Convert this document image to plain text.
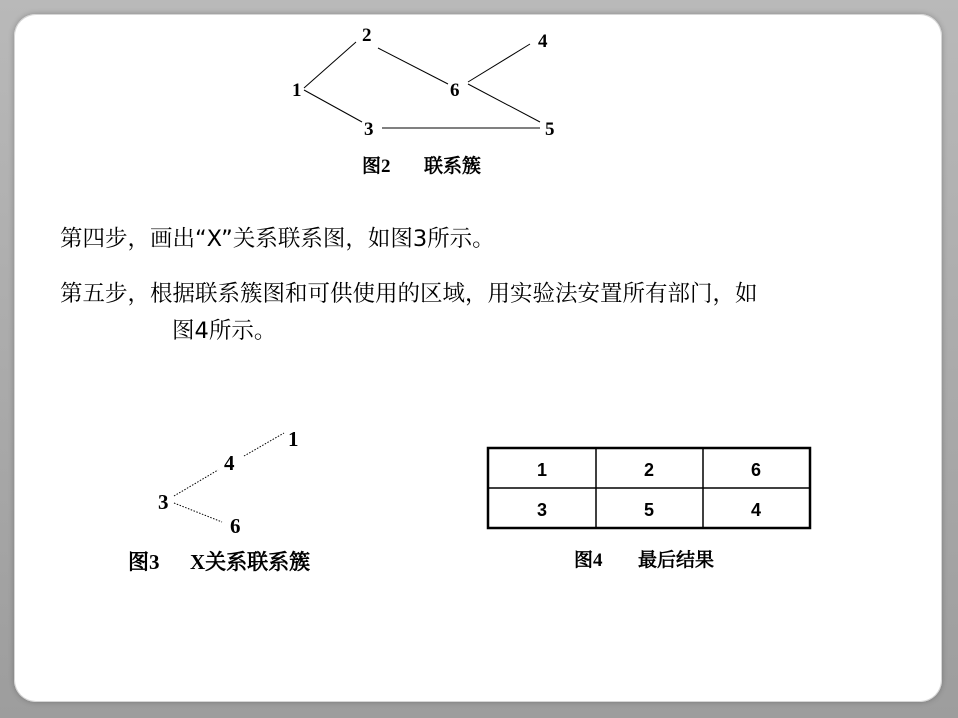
1
2
3
4
5
6
图2 联系簇
1
4
3
6
图3 X关系联系簇
1	2	6
3	5	4
图4 最后结果

第四步，画出“X”关系联系图，如图3所示。

第五步，根据联系簇图和可供使用的区域，用实验法安置所有部门，如
图4所示。
